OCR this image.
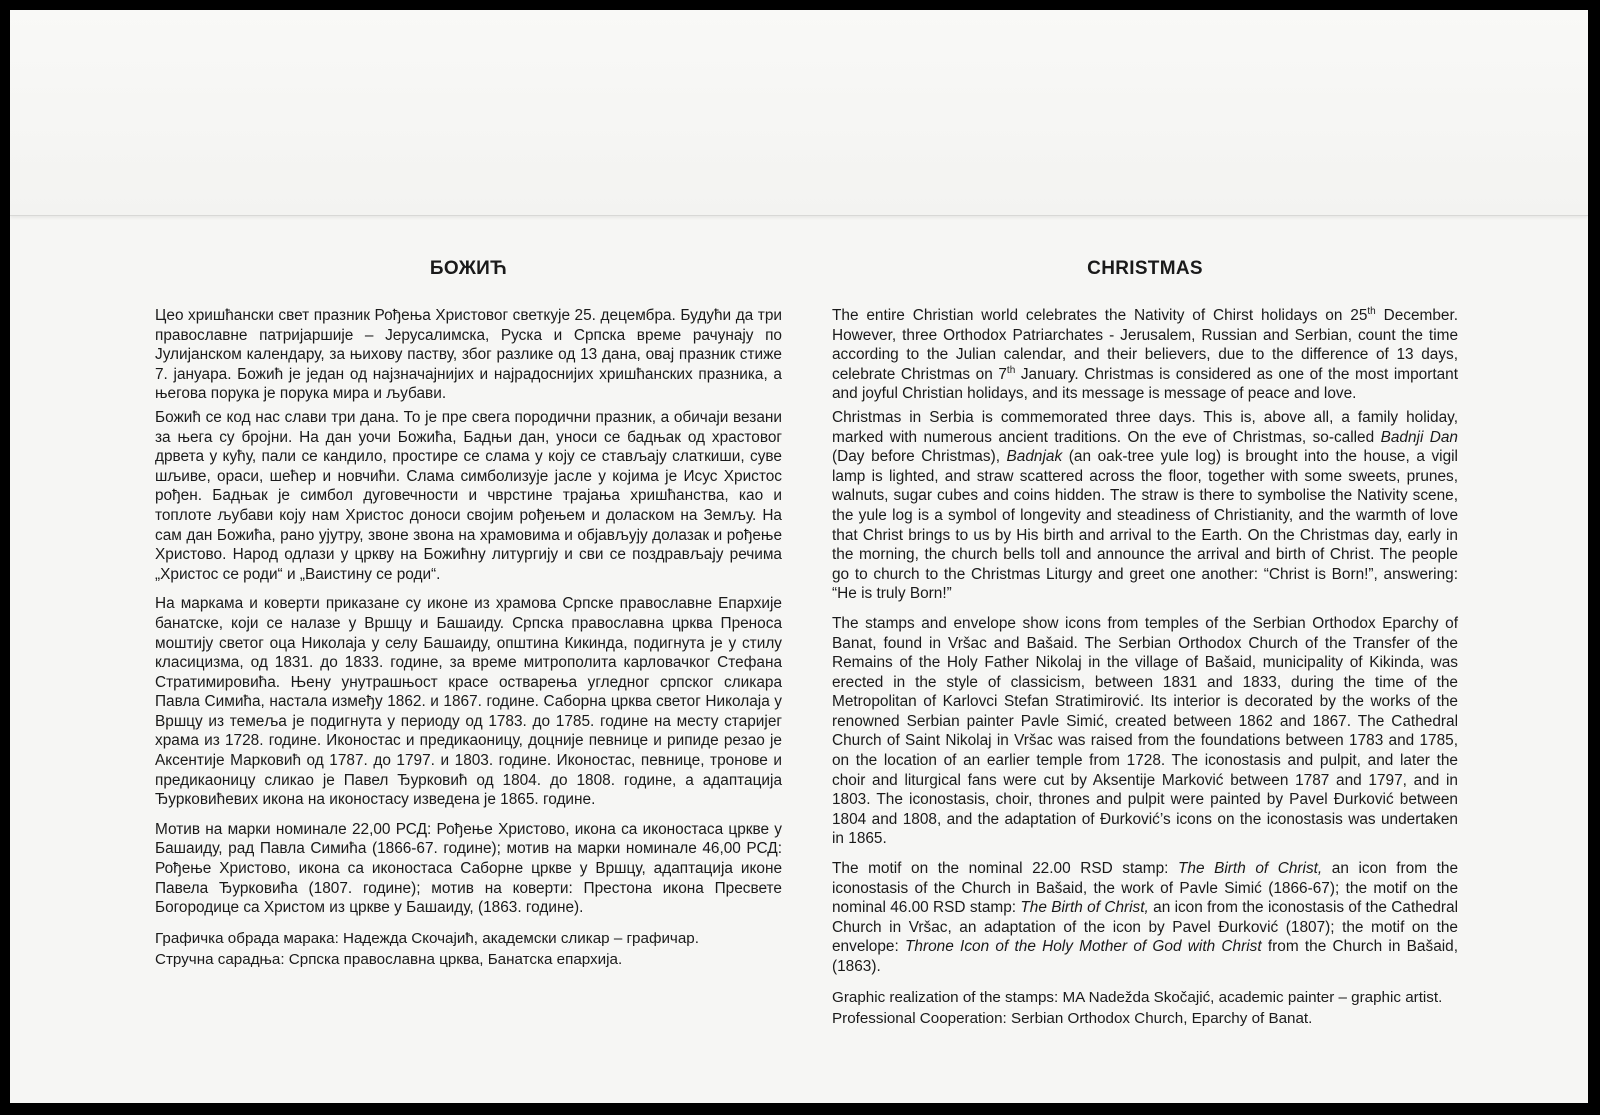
БОЖИЋ

Цео хришћански свет празник Рођења Христовог светкује 25. децембра. Будући да три православне патријаршије – Јерусалимска, Руска и Српска време рачунају по Јулијанском календару, за њихову паству, због разлике од 13 дана, овај празник стиже 7. јануара. Божић је један од најзначајнијих и најрадоснијих хришћанских празника, а његова порука је порука мира и љубави.

Божић се код нас слави три дана. То је пре свега породични празник, а обичаји везани за њега су бројни. На дан уочи Божића, Бадњи дан, уноси се бадњак од храстовог дрвета у кућу, пали се кандило, простире се слама у коју се стављају слаткиши, суве шљиве, ораси, шећер и новчићи. Слама симболизује јасле у којима је Исус Христос рођен. Бадњак је симбол дуговечности и чврстине трајања хришћанства, као и топлоте љубави коју нам Христос доноси својим рођењем и доласком на Земљу. На сам дан Божића, рано ујутру, звоне звона на храмовима и објављују долазак и рођење Христово. Народ одлази у цркву на Божићну литургију и сви се поздрављају речима „Христос се роди“ и „Ваистину се роди“.

На маркама и коверти приказане су иконе из храмова Српске православне Епархије банатске, који се налазе у Вршцу и Башаиду. Српска православна црква Преноса моштију светог оца Николаја у селу Башаиду, општина Кикинда, подигнута је у стилу класицизма, од 1831. до 1833. године, за време митрополита карловачког Стефана Стратимировића. Њену унутрашњост красе остварења угледног српског сликара Павла Симића, настала између 1862. и 1867. године. Саборна црква светог Николаја у Вршцу из темеља је подигнута у периоду од 1783. до 1785. године на месту старијег храма из 1728. године. Иконостас и предикаоницу, доцније певнице и рипиде резао је Аксентије Марковић од 1787. до 1797. и 1803. године. Иконостас, певнице, тронове и предикаоницу сликао је Павел Ђурковић од 1804. до 1808. године, а адаптација Ђурковићевих икона на иконостасу изведена је 1865. године.

Мотив на марки номинале 22,00 РСД: Рођење Христово, икона са иконостаса цркве у Башаиду, рад Павла Симића (1866-67. године); мотив на марки номинале 46,00 РСД: Рођење Христово, икона са иконостаса Саборне цркве у Вршцу, адаптација иконе Павела Ђурковића (1807. године); мотив на коверти: Престона икона Пресвете Богородице са Христом из цркве у Башаиду, (1863. године).

Графичка обрада марака: Надежда Скочајић, академски сликар – графичар.

Стручна сарадња: Српска православна црква, Банатска епархија.

CHRISTMAS

The entire Christian world celebrates the Nativity of Chirst holidays on 25th December. However, three Orthodox Patriarchates - Jerusalem, Russian and Serbian, count the time according to the Julian calendar, and their believers, due to the difference of 13 days, celebrate Christmas on 7th January. Christmas is considered as one of the most important and joyful Christian holidays, and its message is message of peace and love.

Christmas in Serbia is commemorated three days. This is, above all, a family holiday, marked with numerous ancient traditions. On the eve of Christmas, so-called Badnji Dan (Day before Christmas), Badnjak (an oak-tree yule log) is brought into the house, a vigil lamp is lighted, and straw scattered across the floor, together with some sweets, prunes, walnuts, sugar cubes and coins hidden. The straw is there to symbolise the Nativity scene, the yule log is a symbol of longevity and steadiness of Christianity, and the warmth of love that Christ brings to us by His birth and arrival to the Earth. On the Christmas day, early in the morning, the church bells toll and announce the arrival and birth of Christ. The people go to church to the Christmas Liturgy and greet one another: “Christ is Born!”, answering: “He is truly Born!”

The stamps and envelope show icons from temples of the Serbian Orthodox Eparchy of Banat, found in Vršac and Bašaid. The Serbian Orthodox Church of the Transfer of the Remains of the Holy Father Nikolaj in the village of Bašaid, municipality of Kikinda, was erected in the style of classicism, between 1831 and 1833, during the time of the Metropolitan of Karlovci Stefan Stratimirović. Its interior is decorated by the works of the renowned Serbian painter Pavle Simić, created between 1862 and 1867. The Cathedral Church of Saint Nikolaj in Vršac was raised from the foundations between 1783 and 1785, on the location of an earlier temple from 1728. The iconostasis and pulpit, and later the choir and liturgical fans were cut by Aksentije Marković between 1787 and 1797, and in 1803. The iconostasis, choir, thrones and pulpit were painted by Pavel Đurković between 1804 and 1808, and the adaptation of Đurković’s icons on the iconostasis was undertaken in 1865.

The motif on the nominal 22.00 RSD stamp: The Birth of Christ, an icon from the iconostasis of the Church in Bašaid, the work of Pavle Simić (1866-67); the motif on the nominal 46.00 RSD stamp: The Birth of Christ, an icon from the iconostasis of the Cathedral Church in Vršac, an adaptation of the icon by Pavel Đurković (1807); the motif on the envelope: Throne Icon of the Holy Mother of God with Christ from the Church in Bašaid, (1863).

Graphic realization of the stamps: MA Nadežda Skočajić, academic painter – graphic artist.

Professional Cooperation: Serbian Orthodox Church, Eparchy of Banat.
